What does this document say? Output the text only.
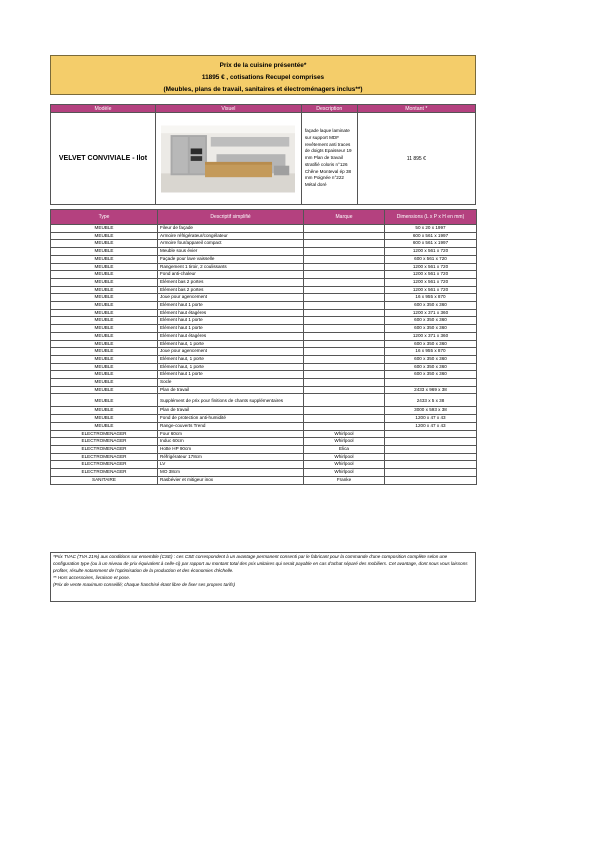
Prix de la cuisine présentée*
11895 € , cotisations Recupel comprises
(Meubles, plans de travail, sanitaires et électroménagers inclus**)
Modèle	Visuel	Description	Montant *
VELVET CONVIVIALE - Ilot		façade laque laminate sur support MDF revêtement anti traces de doigts Epaisseur 19 mm Plan de travail stratifié coloris n°126 Chêne Monteval ép 38 mm Poignée n°222 Métal doré	11 895 €
Type	Descriptif simplifié	Marque	Dimensions (L x P x H en mm)
MEUBLE	Fileur de façade		50 x 20 x 1997
MEUBLE	Armoire réfrigérateur/congélateur		600 x 561 x 1997
MEUBLE	Armoire four/appareil compact		600 x 561 x 1997
MEUBLE	Meuble sous évier		1200 x 561 x 720
MEUBLE	Façade pour lave vaisselle		600 x 561 x 720
MEUBLE	Rangement 1 tiroir, 2 coulissants		1200 x 561 x 720
MEUBLE	Fond anti-chaleur		1200 x 561 x 720
MEUBLE	Elément bas 2 portes		1200 x 561 x 720
MEUBLE	Elément bas 2 portes		1200 x 561 x 720
MEUBLE	Joue pour agencement		16 x 955 x 870
MEUBLE	Elément haut 1 porte		600 x 350 x 360
MEUBLE	Elément haut étagères		1200 x 371 x 360
MEUBLE	Elément haut 1 porte		600 x 350 x 360
MEUBLE	Elément haut 1 porte		600 x 350 x 360
MEUBLE	Elément haut étagères		1200 x 371 x 360
MEUBLE	Elément haut, 1 porte		600 x 350 x 360
MEUBLE	Joue pour agencement		16 x 955 x 870
MEUBLE	Elément haut, 1 porte		600 x 350 x 360
MEUBLE	Elément haut, 1 porte		600 x 350 x 360
MEUBLE	Elément haut 1 porte		600 x 350 x 360
MEUBLE	Socle		
MEUBLE	Plan de travail		2433 x 969 x 38
MEUBLE	Supplément de prix pour finitions de chants supplémentaires		2433 x 5 x 38
MEUBLE	Plan de travail		3000 x 593 x 38
MEUBLE	Fond de protection anti-humidité		1200 x 47 x 43
MEUBLE	Range-couverts Trend		1200 x 47 x 43
ELECTROMENAGER	Four 60cm	Whirlpool	
ELECTROMENAGER	Induc 60cm	Whirlpool	
ELECTROMENAGER	Hotte HP 90cm	Elica	
ELECTROMENAGER	Réfrigérateur 178cm	Whirlpool	
ELECTROMENAGER	LV	Whirlpool	
ELECTROMENAGER	MO 38cm	Whirlpool	
SANITAIRE	Rasbévier et mitigeur inox	Franke	
*Prix TVAC (TVA 21%) aux conditions sur ensemble (CSE) : ces CSE correspondent à un avantage permanent consenti par le fabricant pour la commande d'une composition complète selon une configuration type (ou à un niveau de prix équivalent à celle-ci) par rapport au montant total des prix unitaires qui serait payable en cas d'achat séparé des mobiliers. Cet avantage, dont nous vous laissons profiter, résulte notamment de l'optimisation de la production et des économies d'échelle.
** Hors accessoires, livraison et pose.
(Prix de vente maximum conseillé; chaque franchisé étant libre de fixer ses propres tarifs)
